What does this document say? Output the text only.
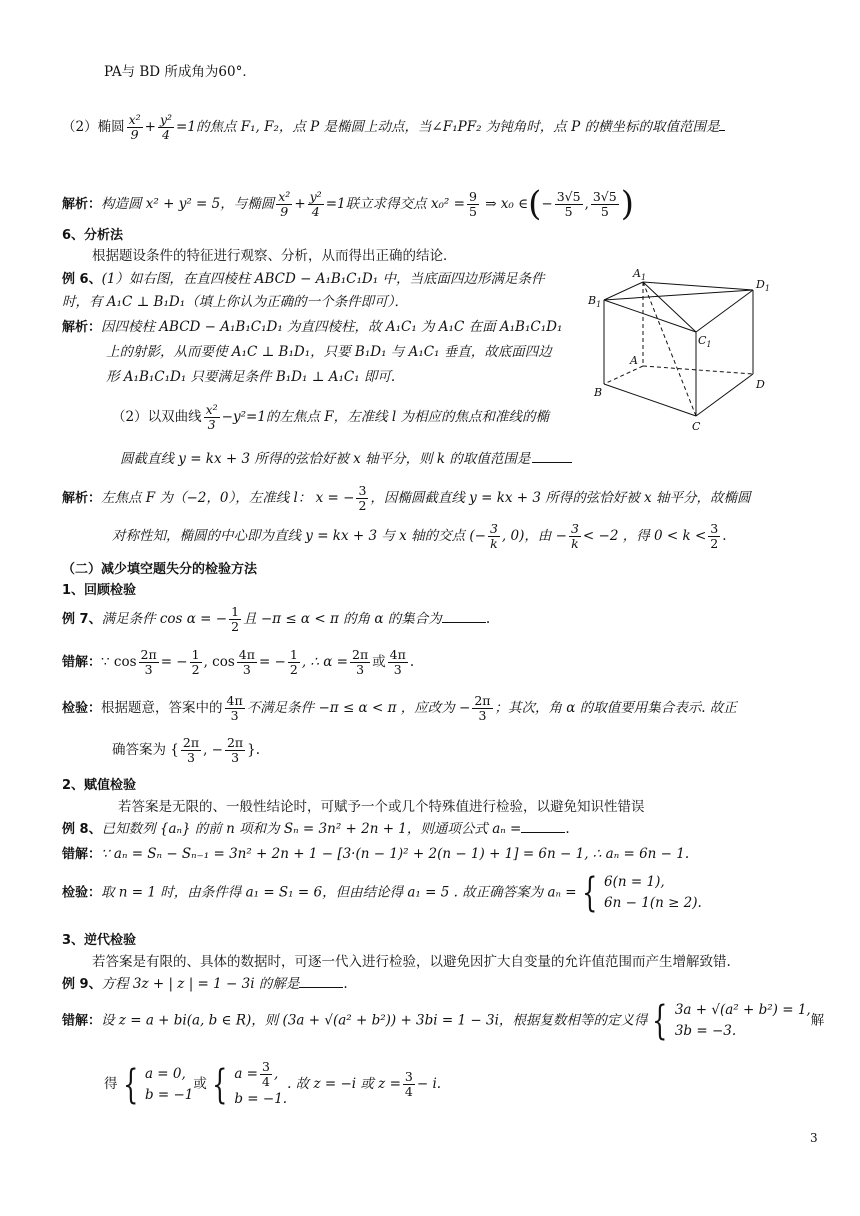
PA与 BD 所成角为60°．
（2）椭圆 $\frac{\text{x²}}{9} + \frac{\text{y²}}{4} =1$的焦点 F₁, F₂，点 P 是椭圆上动点，当∠F₁PF₂ 为钝角时，点 P 的横坐标的取值范围是
解析：构造圆 x² + y² = 5，与椭圆 $\frac{\text{x²}}{9} + \frac{\text{y²}}{4} =1$联立求得交点 $x_0^2 = \frac{9}{5}$ ⇒ x₀ ∈(− $\frac{3√5}{5}$ , $\frac{3√5}{5}$ )
6、分析法
根据题设条件的特征进行观察、分析，从而得出正确的结论．
例 6、(1）如右图，在直四棱柱 ABCD − A₁B₁C₁D₁ 中，当底面四边形满足条件
时，有 A₁C ⊥ B₁D₁（填上你认为正确的一个条件即可）．
解析：因四棱柱 ABCD − A₁B₁C₁D₁ 为直四棱柱，故 A₁C₁ 为 A₁C 在面 A₁B₁C₁D₁
上的射影，从而要使 A₁C ⊥ B₁D₁，只要 B₁D₁ 与 A₁C₁ 垂直，故底面四边
形 A₁B₁C₁D₁ 只要满足条件 B₁D₁ ⊥ A₁C₁ 即可.
（2）以双曲线 $\frac{\text{x²}}{3} -y^2=1$的左焦点 F，左准线 l 为相应的焦点和准线的椭
圆截直线 y = kx + 3 所得的弦恰好被 x 轴平分，则 k 的取值范围是
解析：左焦点 F 为（−2，0），左准线 l： x = − $\frac{3}{2}$ ，因椭圆截直线 y = kx + 3 所得的弦恰好被 x 轴平分，故椭圆
对称性知，椭圆的中心即为直线 y = kx + 3 与 x 轴的交点 (− $\frac{3}{k}$ , 0)，由 − $\frac{3}{k} < -2$ ，得 $0 < k < \frac{3}{2}$ .
（二）减少填空题失分的检验方法
1、回顾检验
例 7、满足条件 cos α = − $\frac{1}{2}$ 且 −π ≤ α < π 的角 α 的集合为	.
错解：∵ $\cos \frac{2\pi}{3}$ = − $\frac{1}{2}$ , $\cos \frac{4\pi}{3}$ = − $\frac{1}{2}$ , ∴ $\alpha = \frac{2\pi}{3}$ 或 $\frac{4\pi}{3}$ .
检验：根据题意，答案中的 $\frac{4\pi}{3}$ 不满足条件 −π ≤ α < π ，应改为 − $\frac{2\pi}{3}$ ；其次，角 α 的取值要用集合表示. 故正
确答案为 { $\frac{2\pi}{3}$ , − $\frac{2\pi}{3}$ }.
2、赋值检验
若答案是无限的、一般性结论时，可赋予一个或几个特殊值进行检验，以避免知识性错误
例 8、已知数列 {aₙ} 的前 n 项和为 Sₙ = 3n² + 2n + 1，则通项公式 aₙ =	.
错解：∵ aₙ = Sₙ − Sₙ₋₁ = 3n² + 2n + 1 − [3·(n − 1)² + 2(n − 1) + 1] = 6n − 1, ∴ aₙ = 6n − 1.
检验：取 n = 1 时，由条件得 a₁ = S₁ = 6，但由结论得 a₁ = 5 . 故正确答案为 aₙ = { 6(n = 1),
6n − 1(n ≥ 2).
3、逆代检验
若答案是有限的、具体的数据时，可逐一代入进行检验，以避免因扩大自变量的允许值范围而产生增解致错.
例 9、方程 3z + | z | = 1 − 3i 的解是	.
错解：设 z = a + bi(a, b ∈ R)，则 (3a + √(a² + b²)) + 3bi = 1 − 3i，根据复数相等的定义得 { 3a + √(a² + b²) = 1,
3b = −3.
解
得 { a = 0,
b = −1
或 { $a = \frac{3}{4}$ ,
b = −1.
. 故 z = −i 或 $z = \frac{3}{4} - i$.
$A_1$
$D_1$
$B_1$
$C_1$
A
D
B
C
3
